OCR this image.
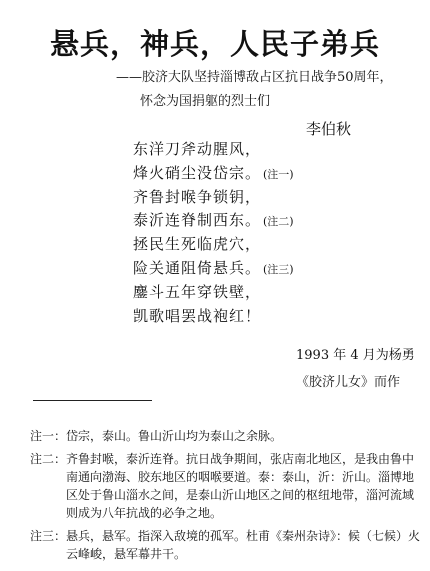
悬兵，神兵，人民子弟兵
——胶济大队坚持淄博敌占区抗日战争50周年，
怀念为国捐躯的烈士们
李伯秋
东洋刀斧动腥风，
烽火硝尘没岱宗。 (注一)
齐鲁封喉争锁钥，
泰沂连脊制西东。 (注二)
拯民生死临虎穴，
险关通阻倚悬兵。 (注三)
鏖斗五年穿铁壁，
凯歌唱罢战袍红！
1993 年 4 月为杨勇
《胶济儿女》而作
注一： 岱宗，泰山。鲁山沂山均为泰山之余脉。
注二： 齐鲁封喉，泰沂连脊。抗日战争期间，张店南北地区，是我由鲁中南通向渤海、胶东地区的咽喉要道。泰：泰山，沂：沂山。淄博地区处于鲁山淄水之间，是泰山沂山地区之间的枢纽地带，淄河流域则成为八年抗战的必争之地。
注三： 悬兵，悬军。指深入敌境的孤军。杜甫《秦州杂诗》：候（七候）火云峰峻，悬军幕井干。
